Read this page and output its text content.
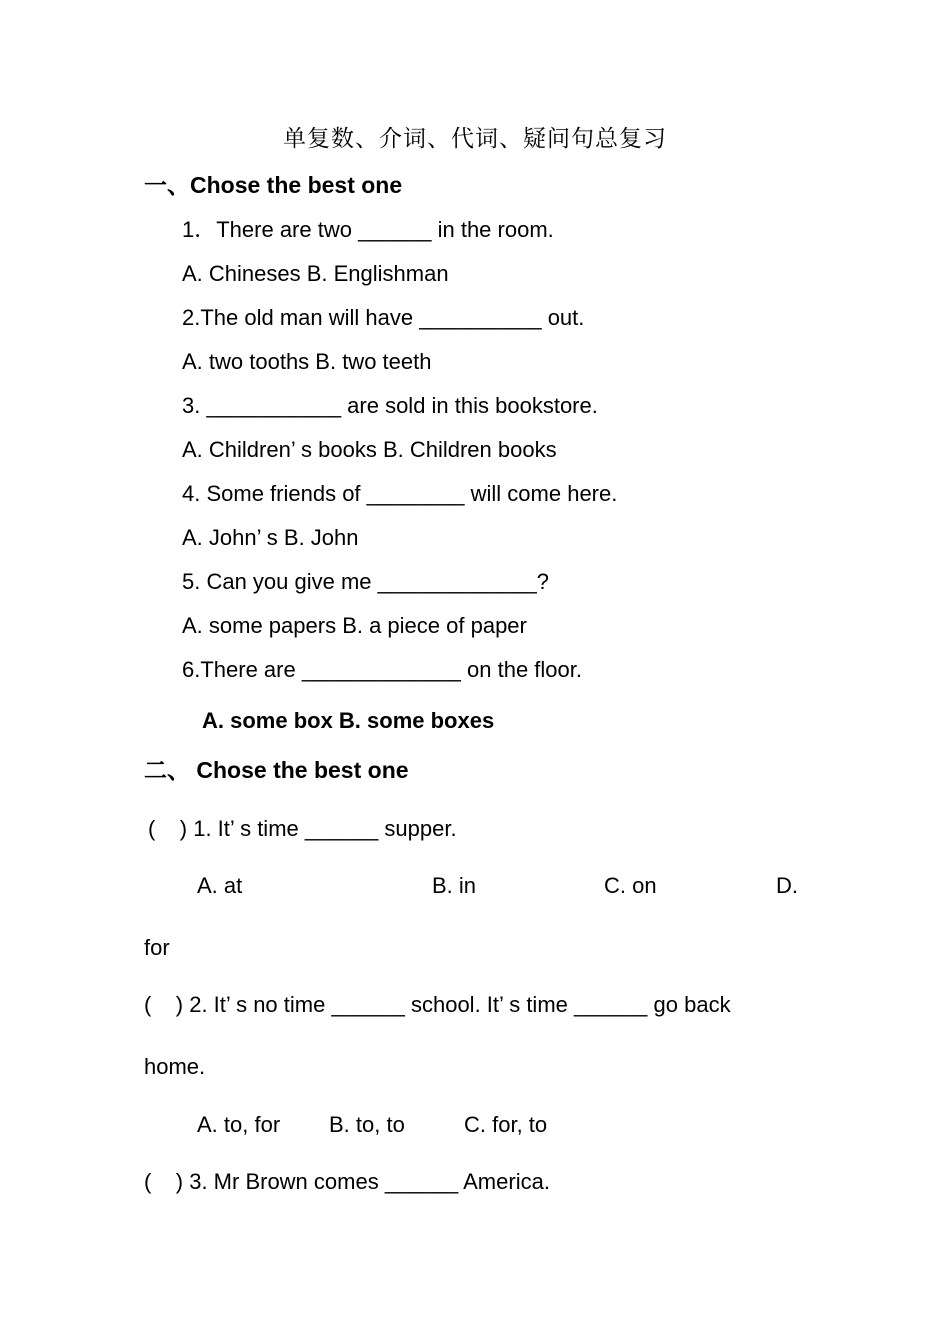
单复数、介词、代词、疑问句总复习
一、Chose the best one
1．There are two ______ in the room.
A. Chineses B. Englishman
2.The old man will have __________ out.
A. two tooths B. two teeth
3. ___________ are sold in this bookstore.
A. Children’ s books B. Children books
4. Some friends of ________ will come here.
A. John’ s B. John
5. Can you give me _____________?
A. some papers B. a piece of paper
6.There are _____________ on the floor.
A. some box B. some boxes
二、 Chose the best one
(    ) 1. It’ s time ______ supper.
A. at	B. in	C. on	D.
for
(    ) 2. It’ s no time ______ school. It’ s time ______ go back
home.
A. to, for B. to, to	C. for, to
(    ) 3. Mr Brown comes ______ America.
